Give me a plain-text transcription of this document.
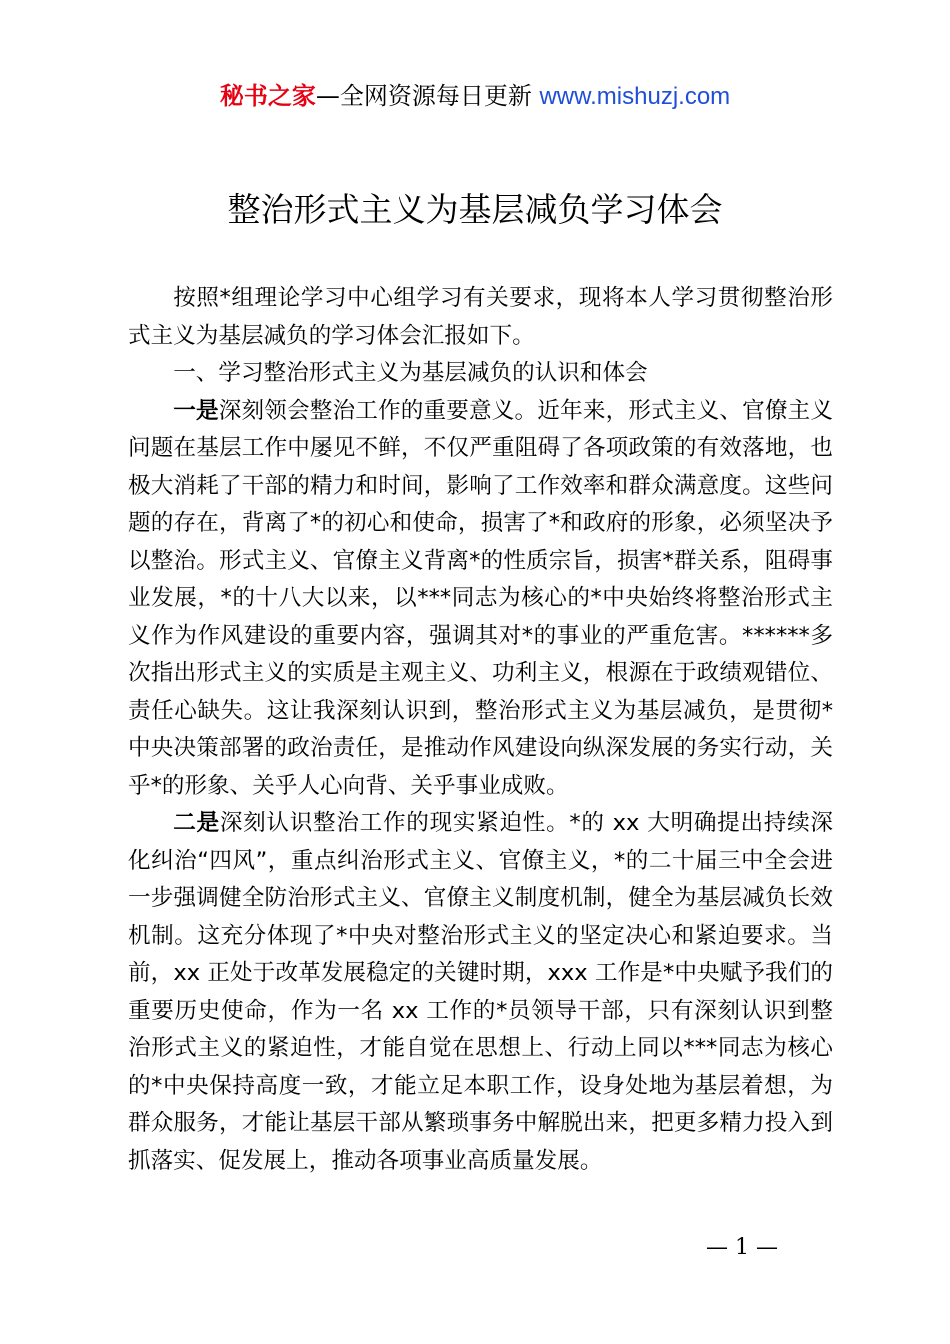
秘书之家—全网资源每日更新 www.mishuzj.com
整治形式主义为基层减负学习体会

按照*组理论学习中心组学习有关要求，现将本人学习贯彻整治形式主义为基层减负的学习体会汇报如下。

一、学习整治形式主义为基层减负的认识和体会

一是深刻领会整治工作的重要意义。近年来，形式主义、官僚主义问题在基层工作中屡见不鲜，不仅严重阻碍了各项政策的有效落地，也极大消耗了干部的精力和时间，影响了工作效率和群众满意度。这些问题的存在，背离了*的初心和使命，损害了*和政府的形象，必须坚决予以整治。形式主义、官僚主义背离*的性质宗旨，损害*群关系，阻碍事业发展，*的十八大以来，以***同志为核心的*中央始终将整治形式主义作为作风建设的重要内容，强调其对*的事业的严重危害。******多次指出形式主义的实质是主观主义、功利主义，根源在于政绩观错位、责任心缺失。这让我深刻认识到，整治形式主义为基层减负，是贯彻*中央决策部署的政治责任，是推动作风建设向纵深发展的务实行动，关乎*的形象、关乎人心向背、关乎事业成败。

二是深刻认识整治工作的现实紧迫性。*的 xx 大明确提出持续深化纠治“四风”，重点纠治形式主义、官僚主义，*的二十届三中全会进一步强调健全防治形式主义、官僚主义制度机制，健全为基层减负长效机制。这充分体现了*中央对整治形式主义的坚定决心和紧迫要求。当前，xx 正处于改革发展稳定的关键时期，xxx 工作是*中央赋予我们的重要历史使命，作为一名 xx 工作的*员领导干部，只有深刻认识到整治形式主义的紧迫性，才能自觉在思想上、行动上同以***同志为核心的*中央保持高度一致，才能立足本职工作，设身处地为基层着想，为群众服务，才能让基层干部从繁琐事务中解脱出来，把更多精力投入到抓落实、促发展上，推动各项事业高质量发展。

— 1 —
